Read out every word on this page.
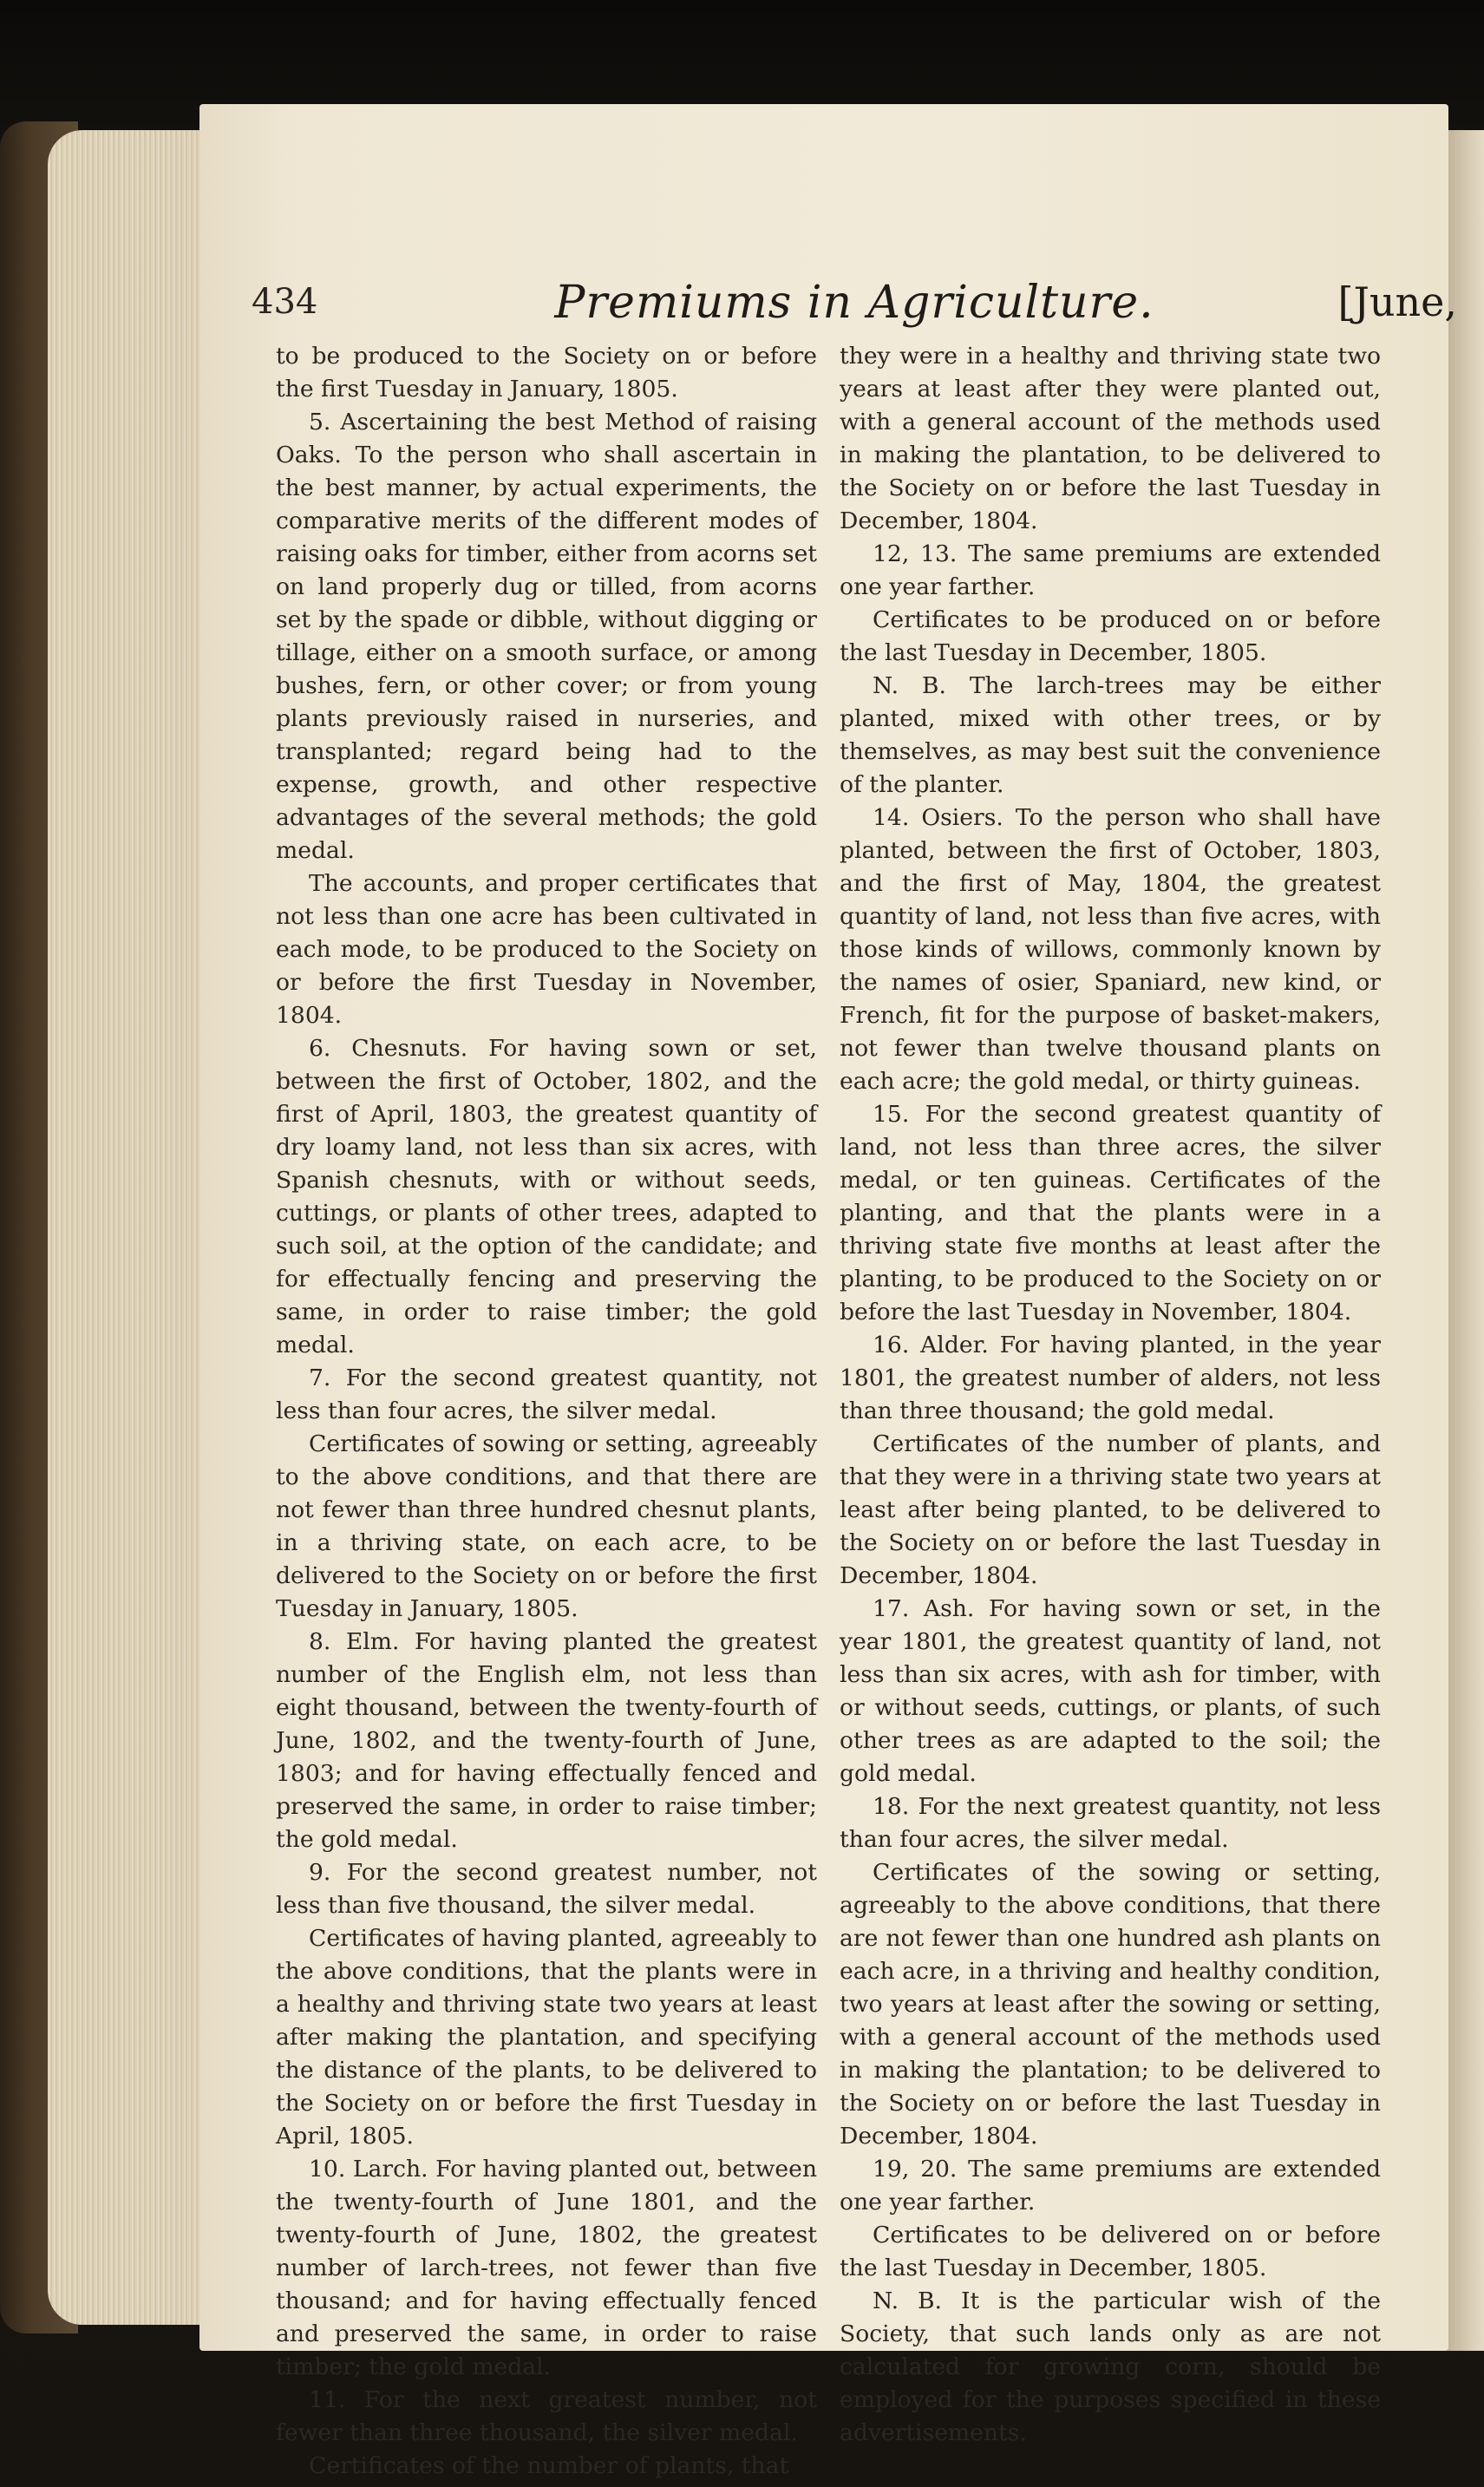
434	Premiums in Agriculture.	[June,

to be produced to the Society on or before the first Tuesday in January, 1805.

5. Ascertaining the best Method of raising Oaks. To the person who shall ascertain in the best manner, by actual experiments, the comparative merits of the different modes of raising oaks for timber, either from acorns set on land properly dug or tilled, from acorns set by the spade or dibble, without digging or tillage, either on a smooth surface, or among bushes, fern, or other cover; or from young plants previously raised in nurseries, and transplanted; regard being had to the expense, growth, and other respective advantages of the several methods; the gold medal.

The accounts, and proper certificates that not less than one acre has been cultivated in each mode, to be produced to the Society on or before the first Tuesday in November, 1804.

6. Chesnuts. For having sown or set, between the first of October, 1802, and the first of April, 1803, the greatest quantity of dry loamy land, not less than six acres, with Spanish chesnuts, with or without seeds, cuttings, or plants of other trees, adapted to such soil, at the option of the candidate; and for effectually fencing and preserving the same, in order to raise timber; the gold medal.

7. For the second greatest quantity, not less than four acres, the silver medal.

Certificates of sowing or setting, agreeably to the above conditions, and that there are not fewer than three hundred chesnut plants, in a thriving state, on each acre, to be delivered to the Society on or before the first Tuesday in January, 1805.

8. Elm. For having planted the greatest number of the English elm, not less than eight thousand, between the twenty-fourth of June, 1802, and the twenty-fourth of June, 1803; and for having effectually fenced and preserved the same, in order to raise timber; the gold medal.

9. For the second greatest number, not less than five thousand, the silver medal.

Certificates of having planted, agreeably to the above conditions, that the plants were in a healthy and thriving state two years at least after making the plantation, and specifying the distance of the plants, to be delivered to the Society on or before the first Tuesday in April, 1805.

10. Larch. For having planted out, between the twenty-fourth of June 1801, and the twenty-fourth of June, 1802, the greatest number of larch-trees, not fewer than five thousand; and for having effectually fenced and preserved the same, in order to raise timber; the gold medal.

11. For the next greatest number, not fewer than three thousand, the silver medal.

Certificates of the number of plants, that

they were in a healthy and thriving state two years at least after they were planted out, with a general account of the methods used in making the plantation, to be delivered to the Society on or before the last Tuesday in December, 1804.

12, 13. The same premiums are extended one year farther.

Certificates to be produced on or before the last Tuesday in December, 1805.

N. B. The larch-trees may be either planted, mixed with other trees, or by themselves, as may best suit the convenience of the planter.

14. Osiers. To the person who shall have planted, between the first of October, 1803, and the first of May, 1804, the greatest quantity of land, not less than five acres, with those kinds of willows, commonly known by the names of osier, Spaniard, new kind, or French, fit for the purpose of basket-makers, not fewer than twelve thousand plants on each acre; the gold medal, or thirty guineas.

15. For the second greatest quantity of land, not less than three acres, the silver medal, or ten guineas. Certificates of the planting, and that the plants were in a thriving state five months at least after the planting, to be produced to the Society on or before the last Tuesday in November, 1804.

16. Alder. For having planted, in the year 1801, the greatest number of alders, not less than three thousand; the gold medal.

Certificates of the number of plants, and that they were in a thriving state two years at least after being planted, to be delivered to the Society on or before the last Tuesday in December, 1804.

17. Ash. For having sown or set, in the year 1801, the greatest quantity of land, not less than six acres, with ash for timber, with or without seeds, cuttings, or plants, of such other trees as are adapted to the soil; the gold medal.

18. For the next greatest quantity, not less than four acres, the silver medal.

Certificates of the sowing or setting, agreeably to the above conditions, that there are not fewer than one hundred ash plants on each acre, in a thriving and healthy condition, two years at least after the sowing or setting, with a general account of the methods used in making the plantation; to be delivered to the Society on or before the last Tuesday in December, 1804.

19, 20. The same premiums are extended one year farther.

Certificates to be delivered on or before the last Tuesday in December, 1805.

N. B. It is the particular wish of the Society, that such lands only as are not calculated for growing corn, should be employed for the purposes specified in these advertisements.
